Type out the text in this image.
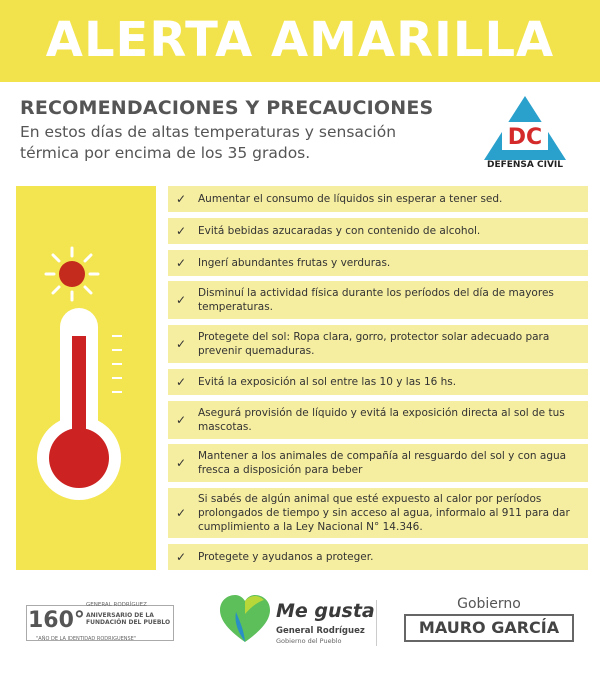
ALERTA AMARILLA
RECOMENDACIONES Y PRECAUCIONES

En estos días de altas temperaturas y sensación térmica por encima de los 35 grados.

DC
DEFENSA CIVIL
✓	Aumentar el consumo de líquidos sin esperar a tener sed.
✓	Evitá bebidas azucaradas y con contenido de alcohol.
✓	Ingerí abundantes frutas y verduras.
✓	Disminuí la actividad física durante los períodos del día de mayores temperaturas.
✓	Protegete del sol: Ropa clara, gorro, protector solar adecuado para prevenir quemaduras.
✓	Evitá la exposición al sol entre las 10 y las 16 hs.
✓	Asegurá provisión de líquido y evitá la exposición directa al sol de tus mascotas.
✓	Mantener a los animales de compañía al resguardo del sol y con agua fresca a disposición para beber
✓
Si sabés de algún animal que esté expuesto al calor por períodos prolongados de tiempo y sin acceso al agua, informalo al 911 para dar cumplimiento a la Ley Nacional N° 14.346.
✓	Protegete y ayudanos a proteger.
160°
GENERAL RODRÍGUEZ
ANIVERSARIO DE LA
FUNDACIÓN DEL PUEBLO
"AÑO DE LA IDENTIDAD RODRIGUENSE"
Me gusta
General Rodríguez
Gobierno del Pueblo
Gobierno
MAURO GARCÍA
